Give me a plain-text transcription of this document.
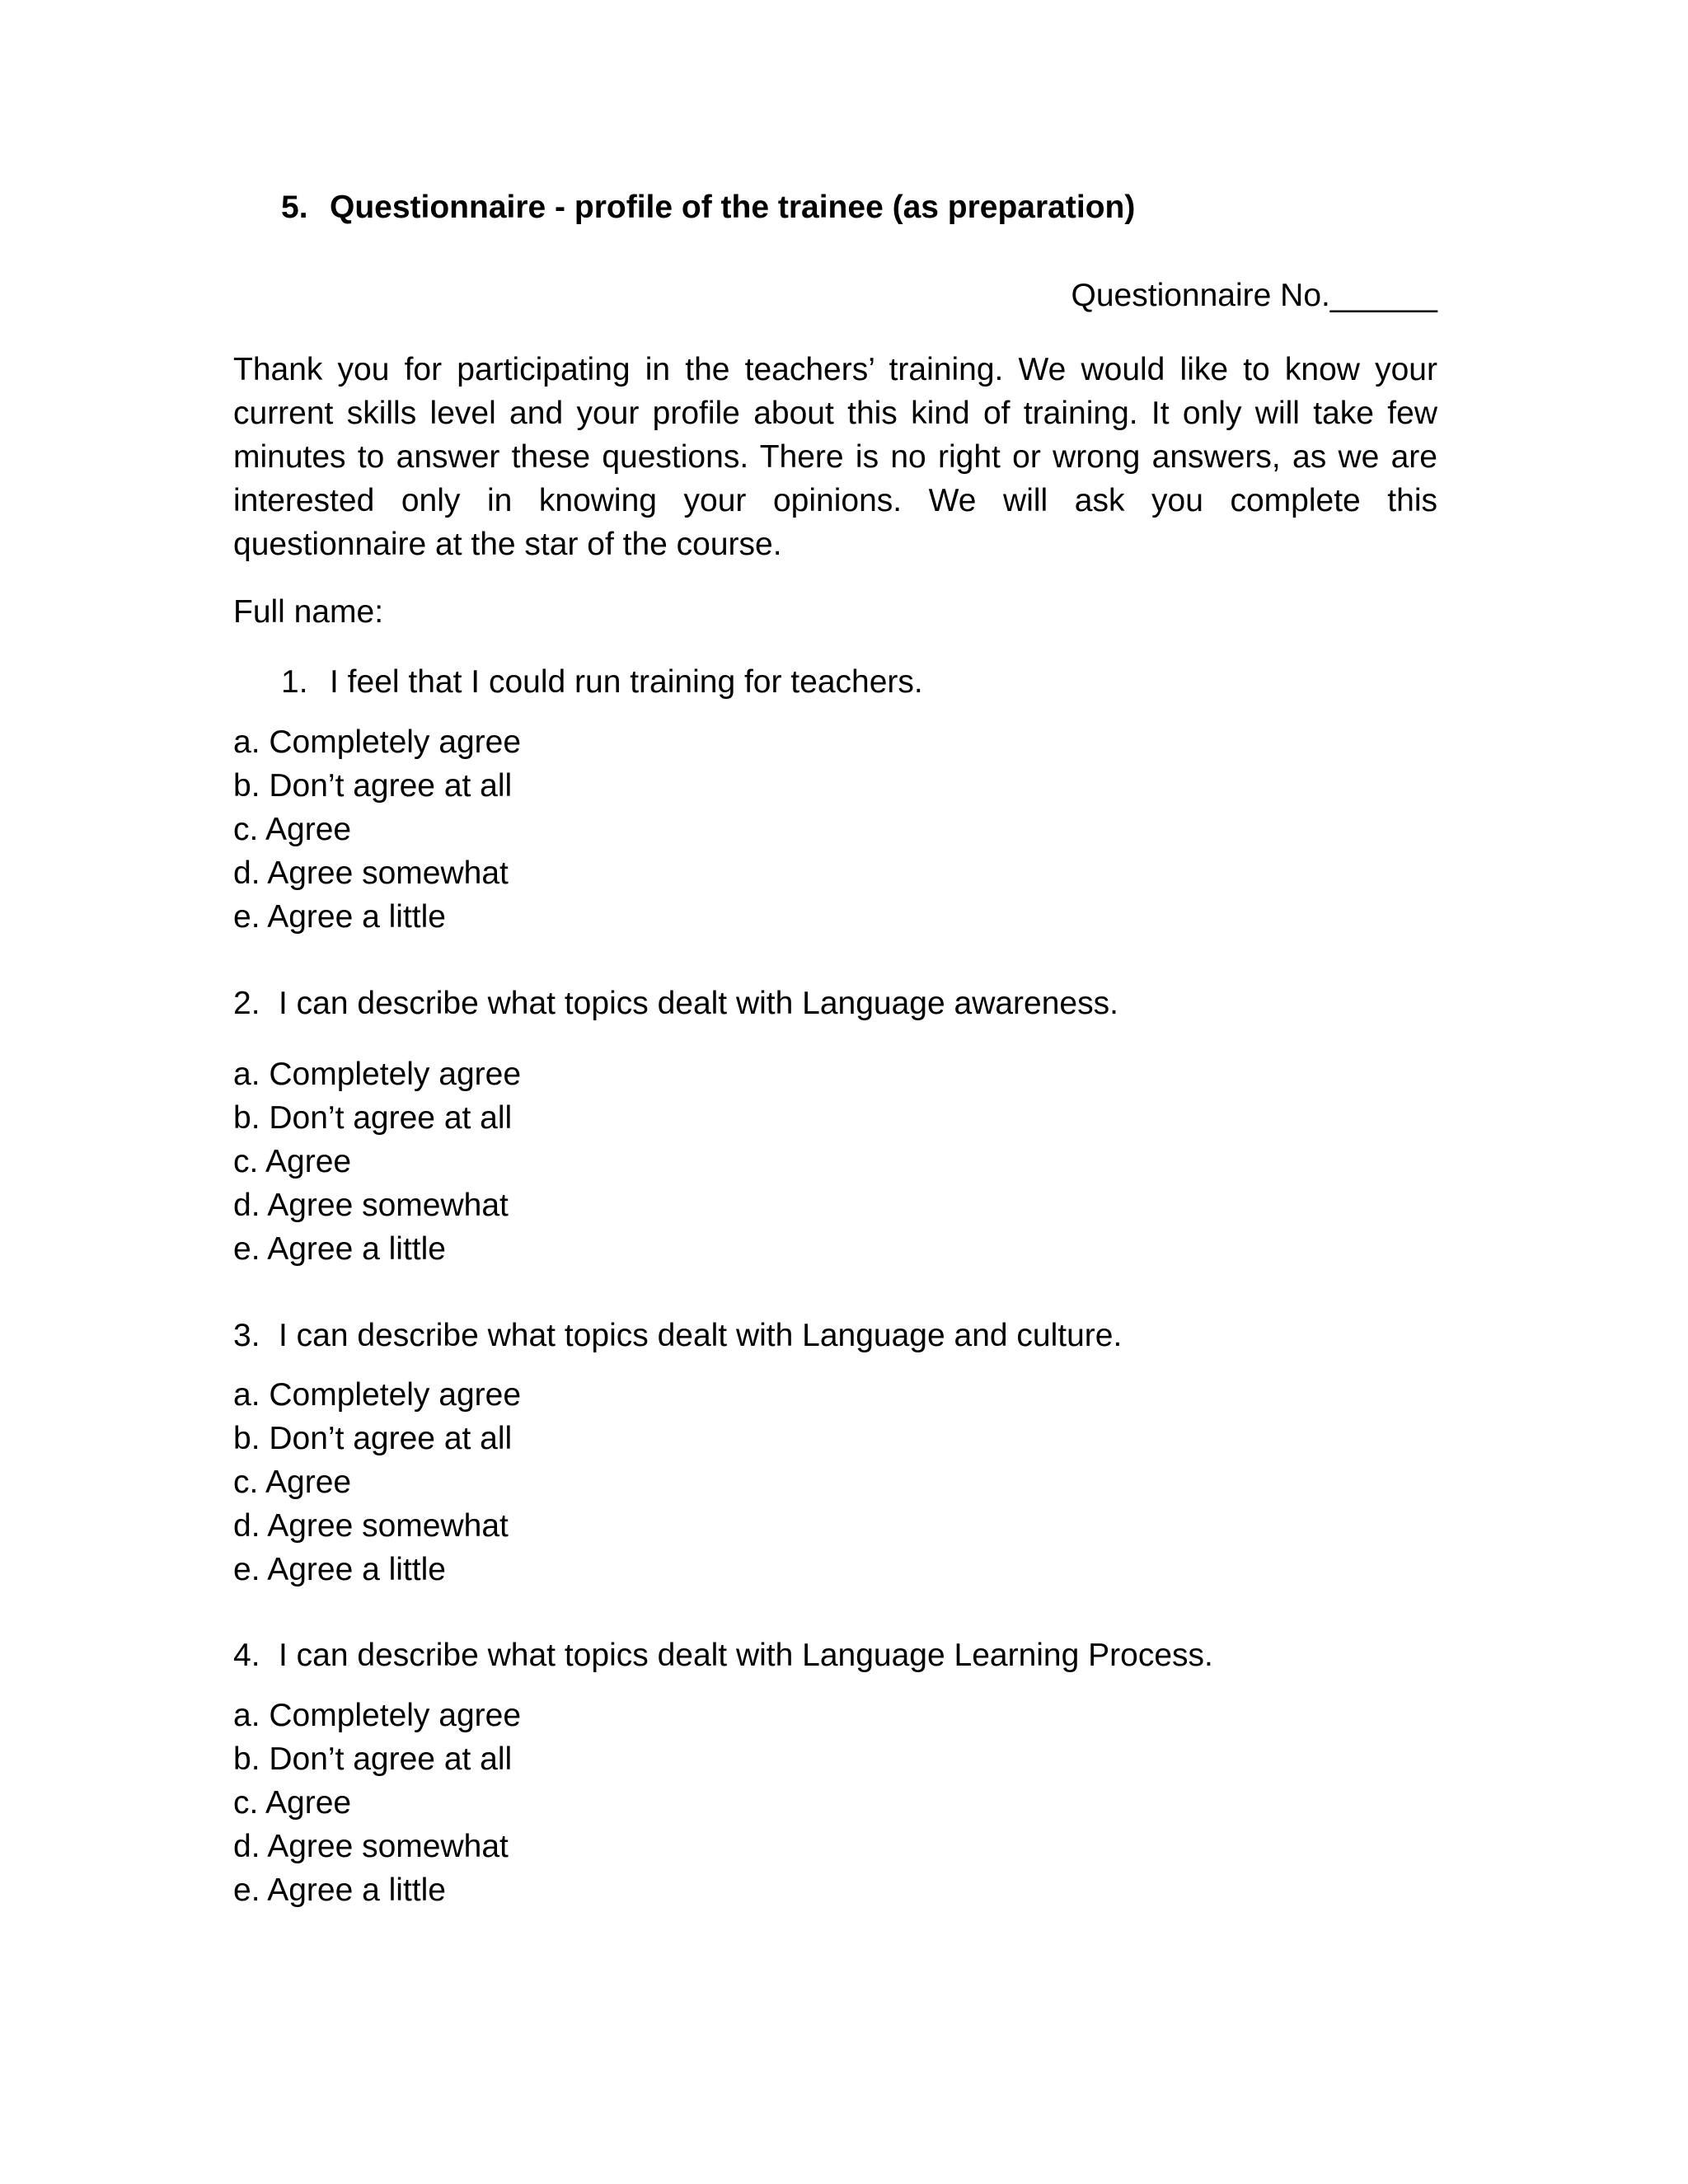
5. Questionnaire - profile of the trainee (as preparation)
Questionnaire No.______
Thank you for participating in the teachers’ training. We would like to know your current skills level and your profile about this kind of training. It only will take few minutes to answer these questions. There is no right or wrong answers, as we are interested only in knowing your opinions. We will ask you complete this questionnaire at the star of the course.
Full name:
1. I feel that I could run training for teachers.
a. Completely agree
b. Don’t agree at all
c. Agree
d. Agree somewhat
e. Agree a little
2. I can describe what topics dealt with Language awareness.
a. Completely agree
b. Don’t agree at all
c. Agree
d. Agree somewhat
e. Agree a little
3. I can describe what topics dealt with Language and culture.
a. Completely agree
b. Don’t agree at all
c. Agree
d. Agree somewhat
e. Agree a little
4. I can describe what topics dealt with Language Learning Process.
a. Completely agree
b. Don’t agree at all
c. Agree
d. Agree somewhat
e. Agree a little
